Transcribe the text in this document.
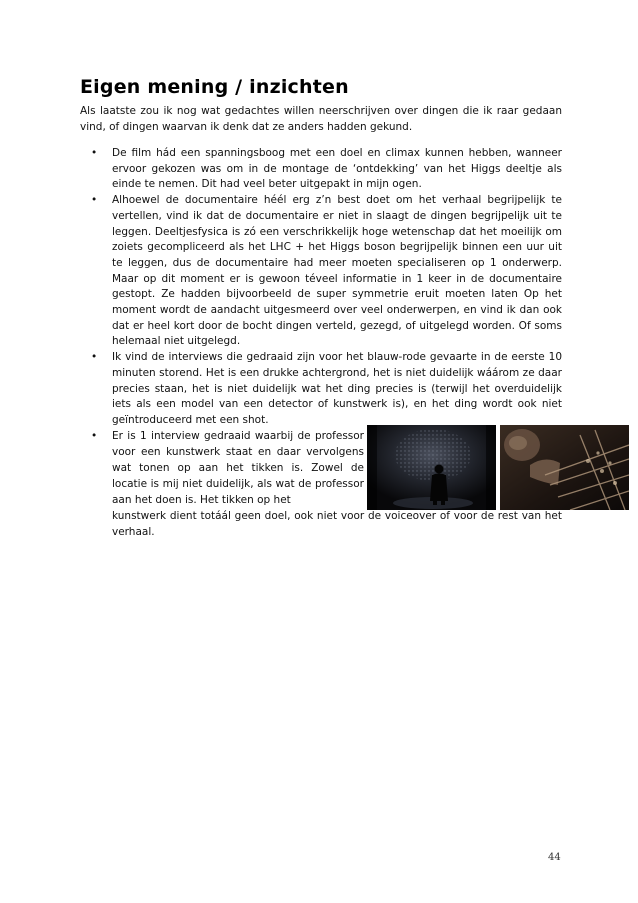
Eigen mening / inzichten

Als laatste zou ik nog wat gedachtes willen neerschrijven over dingen die ik raar gedaan vind, of dingen waarvan ik denk dat ze anders hadden gekund.

• De film hád een spanningsboog met een doel en climax kunnen hebben, wanneer ervoor gekozen was om in de montage de ‘ontdekking’ van het Higgs deeltje als einde te nemen. Dit had veel beter uitgepakt in mijn ogen.
• Alhoewel de documentaire héél erg z’n best doet om het verhaal begrijpelijk te vertellen, vind ik dat de documentaire er niet in slaagt de dingen begrijpelijk uit te leggen. Deeltjesfysica is zó een verschrikkelijk hoge wetenschap dat het moeilijk om zoiets gecompliceerd als het LHC + het Higgs boson begrijpelijk binnen een uur uit te leggen, dus de documentaire had meer moeten specialiseren op 1 onderwerp. Maar op dit moment er is gewoon téveel informatie in 1 keer in de documentaire gestopt. Ze hadden bijvoorbeeld de super symmetrie eruit moeten laten Op het moment wordt de aandacht uitgesmeerd over veel onderwerpen, en vind ik dan ook dat er heel kort door de bocht dingen verteld, gezegd, of uitgelegd worden. Of soms helemaal niet uitgelegd.
• Ik vind de interviews die gedraaid zijn voor het blauw-rode gevaarte in de eerste 10 minuten storend. Het is een drukke achtergrond, het is niet duidelijk wáárom ze daar precies staan, het is niet duidelijk wat het ding precies is (terwijl het overduidelijk iets als een model van een detector of kunstwerk is), en het ding wordt ook niet geïntroduceerd met een shot.
• Er is 1 interview gedraaid waarbij de professor voor een kunstwerk staat en daar vervolgens wat tonen op aan het tikken is. Zowel de locatie is mij niet duidelijk, als wat de professor aan het doen is. Het tikken op het
kunstwerk dient totáál geen doel, ook niet voor de voiceover of voor de rest van het verhaal.
44
